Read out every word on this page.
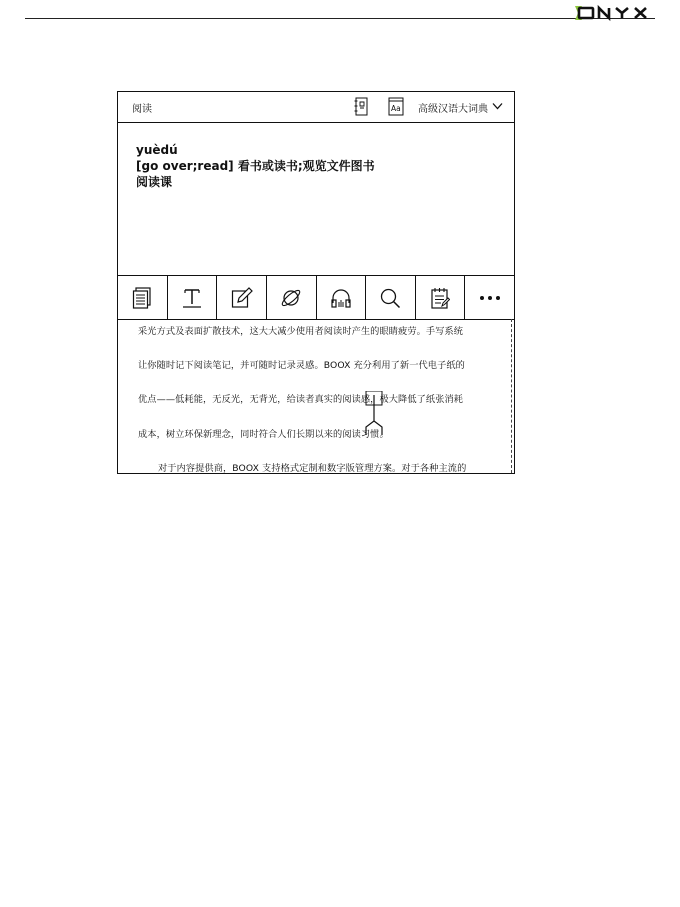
ONYX
阅读	Aa 高级汉语大词典
yuèdú
[go over;read] 看书或读书;观览文件图书
阅读课
采光方式及表面扩散技术，这大大减少使用者阅读时产生的眼睛疲劳。手写系统
让你随时记下阅读笔记，并可随时记录灵感。BOOX 充分利用了新一代电子纸的
优点——低耗能，无反光，无背光，给读者真实的阅读感，极大降低了纸张消耗
成本，树立环保新理念，同时符合人们长期以来的阅读习惯。
对于内容提供商，BOOX 支持格式定制和数字版管理方案。对于各种主流的
